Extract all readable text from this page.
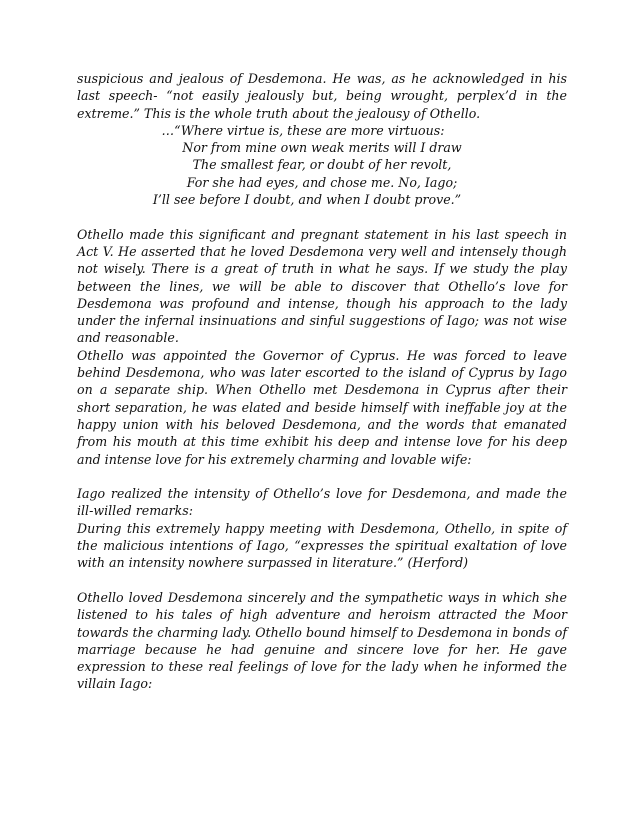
suspicious and jealous of Desdemona. He was, as he acknowledged in his last speech- “not easily jealously but, being wrought, perplex’d in the extreme.” This is the whole truth about the jealousy of Othello.

…“Where virtue is, these are more virtuous:
Nor from mine own weak merits will I draw
The smallest fear, or doubt of her revolt,
For she had eyes, and chose me. No, Iago;
I’ll see before I doubt, and when I doubt prove.”

Othello made this significant and pregnant statement in his last speech in Act V. He asserted that he loved Desdemona very well and intensely though not wisely. There is a great of truth in what he says. If we study the play between the lines, we will be able to discover that Othello’s love for Desdemona was profound and intense, though his approach to the lady under the infernal insinuations and sinful suggestions of Iago; was not wise and reasonable.

Othello was appointed the Governor of Cyprus. He was forced to leave behind Desdemona, who was later escorted to the island of Cyprus by Iago on a separate ship. When Othello met Desdemona in Cyprus after their short separation, he was elated and beside himself with ineffable joy at the happy union with his beloved Desdemona, and the words that emanated from his mouth at this time exhibit his deep and intense love for his deep and intense love for his extremely charming and lovable wife:

Iago realized the intensity of Othello’s love for Desdemona, and made the ill-willed remarks:

During this extremely happy meeting with Desdemona, Othello, in spite of the malicious intentions of Iago, “expresses the spiritual exaltation of love with an intensity nowhere surpassed in literature.” (Herford)

Othello loved Desdemona sincerely and the sympathetic ways in which she listened to his tales of high adventure and heroism attracted the Moor towards the charming lady. Othello bound himself to Desdemona in bonds of marriage because he had genuine and sincere love for her. He gave expression to these real feelings of love for the lady when he informed the villain Iago:
